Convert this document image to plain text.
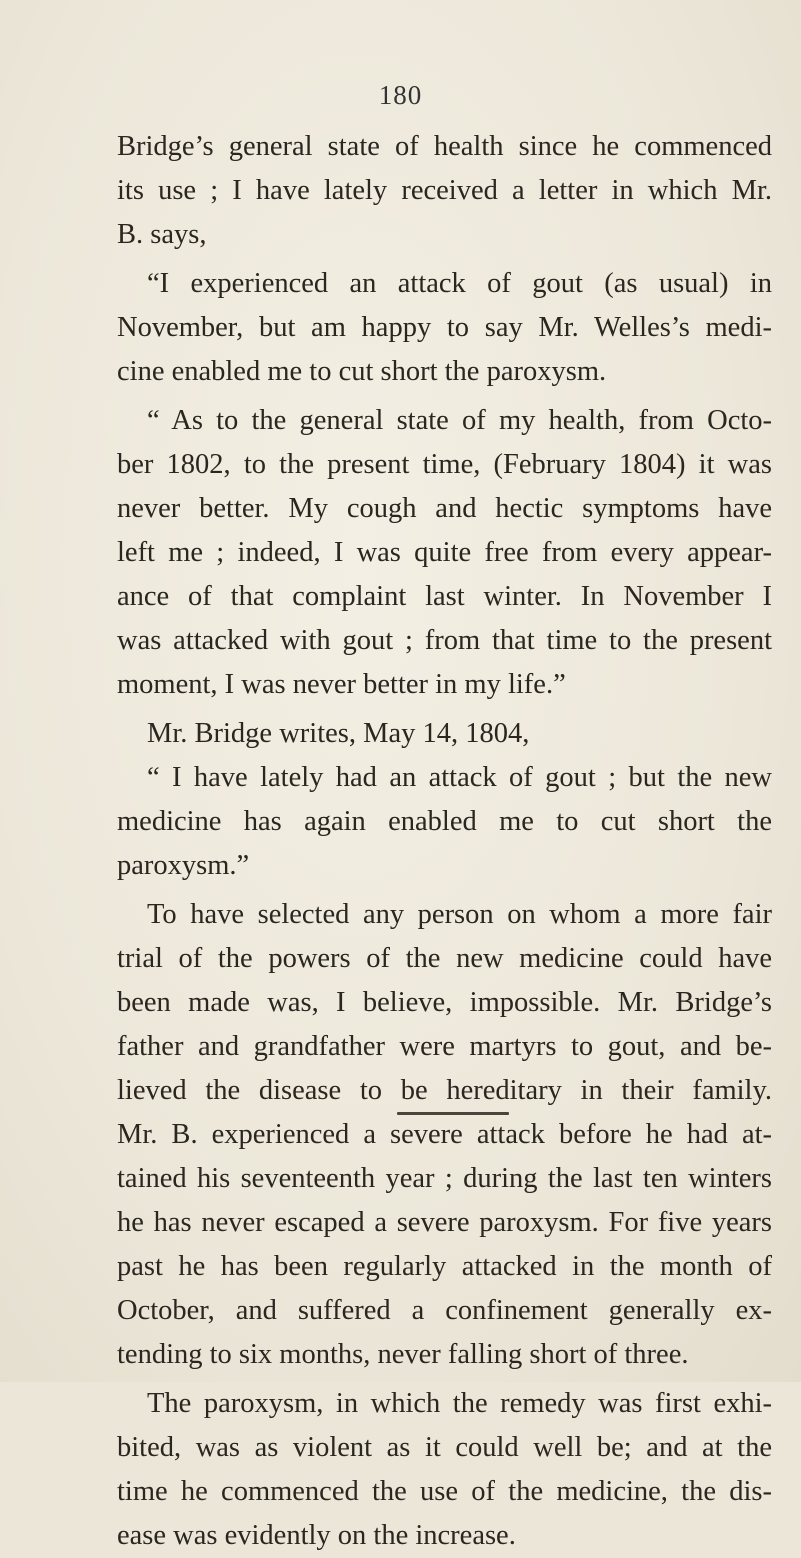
180
Bridge’s general state of health since he commenced
its use ; I have lately received a letter in which Mr.
B. says,
“I experienced an attack of gout (as usual) in
November, but am happy to say Mr. Welles’s medi-
cine enabled me to cut short the paroxysm.
“ As to the general state of my health, from Octo-
ber 1802, to the present time, (February 1804) it was
never better. My cough and hectic symptoms have
left me ; indeed, I was quite free from every appear-
ance of that complaint last winter. In November I
was attacked with gout ; from that time to the present
moment, I was never better in my life.”
Mr. Bridge writes, May 14, 1804,
“ I have lately had an attack of gout ; but the new
medicine has again enabled me to cut short the
paroxysm.”
To have selected any person on whom a more fair
trial of the powers of the new medicine could have
been made was, I believe, impossible. Mr. Bridge’s
father and grandfather were martyrs to gout, and be-
lieved the disease to be hereditary in their family.
Mr. B. experienced a severe attack before he had at-
tained his seventeenth year ; during the last ten winters
he has never escaped a severe paroxysm. For five years
past he has been regularly attacked in the month of
October, and suffered a confinement generally ex-
tending to six months, never falling short of three.
The paroxysm, in which the remedy was first exhi-
bited, was as violent as it could well be; and at the
time he commenced the use of the medicine, the dis-
ease was evidently on the increase.
